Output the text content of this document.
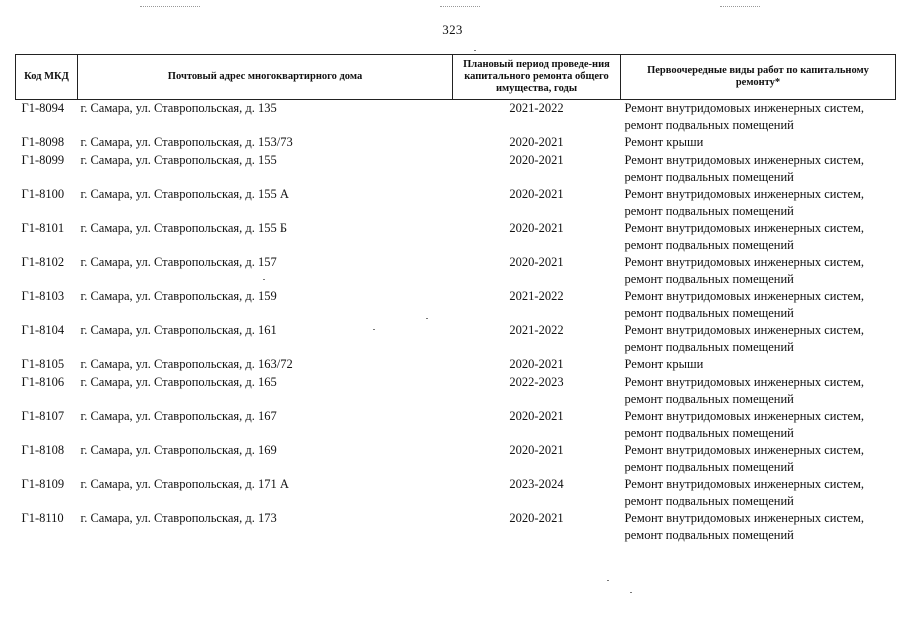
323
Код МКД	Почтовый адрес многоквартирного дома	Плановый период проведе-ния капитального ремонта общего имущества, годы	Первоочередные виды работ по капитальному ремонту*
Г1-8094	г. Самара, ул. Ставропольская, д. 135	2021-2022	Ремонт внутридомовых инженерных систем, ремонт подвальных помещений
Г1-8098	г. Самара, ул. Ставропольская, д. 153/73	2020-2021	Ремонт крыши
Г1-8099	г. Самара, ул. Ставропольская, д. 155	2020-2021	Ремонт внутридомовых инженерных систем, ремонт подвальных помещений
Г1-8100	г. Самара, ул. Ставропольская, д. 155 А	2020-2021	Ремонт внутридомовых инженерных систем, ремонт подвальных помещений
Г1-8101	г. Самара, ул. Ставропольская, д. 155 Б	2020-2021	Ремонт внутридомовых инженерных систем, ремонт подвальных помещений
Г1-8102	г. Самара, ул. Ставропольская, д. 157	2020-2021	Ремонт внутридомовых инженерных систем, ремонт подвальных помещений
Г1-8103	г. Самара, ул. Ставропольская, д. 159	2021-2022	Ремонт внутридомовых инженерных систем, ремонт подвальных помещений
Г1-8104	г. Самара, ул. Ставропольская, д. 161	2021-2022	Ремонт внутридомовых инженерных систем, ремонт подвальных помещений
Г1-8105	г. Самара, ул. Ставропольская, д. 163/72	2020-2021	Ремонт крыши
Г1-8106	г. Самара, ул. Ставропольская, д. 165	2022-2023	Ремонт внутридомовых инженерных систем, ремонт подвальных помещений
Г1-8107	г. Самара, ул. Ставропольская, д. 167	2020-2021	Ремонт внутридомовых инженерных систем, ремонт подвальных помещений
Г1-8108	г. Самара, ул. Ставропольская, д. 169	2020-2021	Ремонт внутридомовых инженерных систем, ремонт подвальных помещений
Г1-8109	г. Самара, ул. Ставропольская, д. 171 А	2023-2024	Ремонт внутридомовых инженерных систем, ремонт подвальных помещений
Г1-8110	г. Самара, ул. Ставропольская, д. 173	2020-2021	Ремонт внутридомовых инженерных систем, ремонт подвальных помещений
